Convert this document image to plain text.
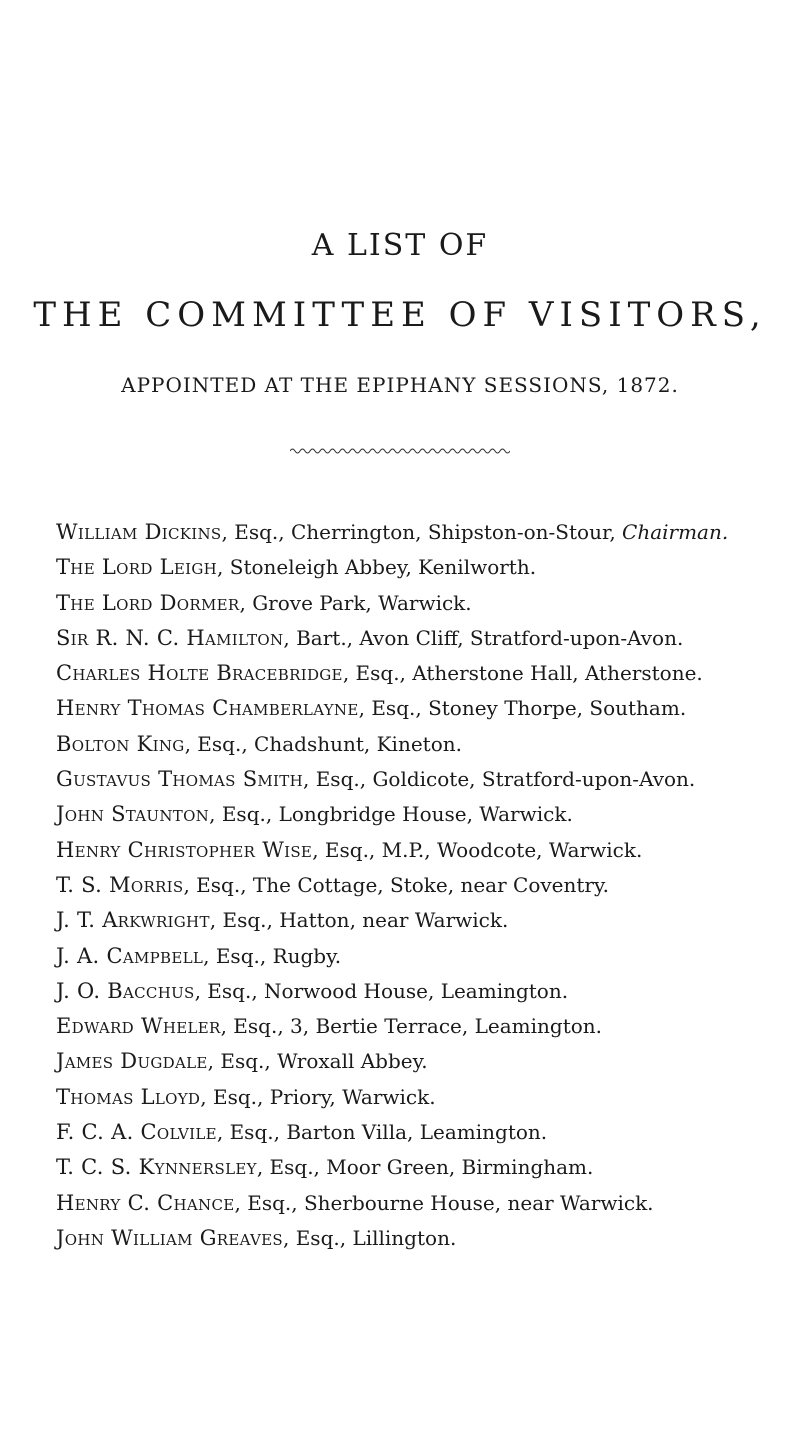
A LIST OF
THE COMMITTEE OF VISITORS,
APPOINTED AT THE EPIPHANY SESSIONS, 1872.
William Dickins, Esq., Cherrington, Shipston-on-Stour, Chairman.
The Lord Leigh, Stoneleigh Abbey, Kenilworth.
The Lord Dormer, Grove Park, Warwick.
Sir R. N. C. Hamilton, Bart., Avon Cliff, Stratford-upon-Avon.
Charles Holte Bracebridge, Esq., Atherstone Hall, Atherstone.
Henry Thomas Chamberlayne, Esq., Stoney Thorpe, Southam.
Bolton King, Esq., Chadshunt, Kineton.
Gustavus Thomas Smith, Esq., Goldicote, Stratford-upon-Avon.
John Staunton, Esq., Longbridge House, Warwick.
Henry Christopher Wise, Esq., M.P., Woodcote, Warwick.
T. S. Morris, Esq., The Cottage, Stoke, near Coventry.
J. T. Arkwright, Esq., Hatton, near Warwick.
J. A. Campbell, Esq., Rugby.
J. O. Bacchus, Esq., Norwood House, Leamington.
Edward Wheler, Esq., 3, Bertie Terrace, Leamington.
James Dugdale, Esq., Wroxall Abbey.
Thomas Lloyd, Esq., Priory, Warwick.
F. C. A. Colvile, Esq., Barton Villa, Leamington.
T. C. S. Kynnersley, Esq., Moor Green, Birmingham.
Henry C. Chance, Esq., Sherbourne House, near Warwick.
John William Greaves, Esq., Lillington.
